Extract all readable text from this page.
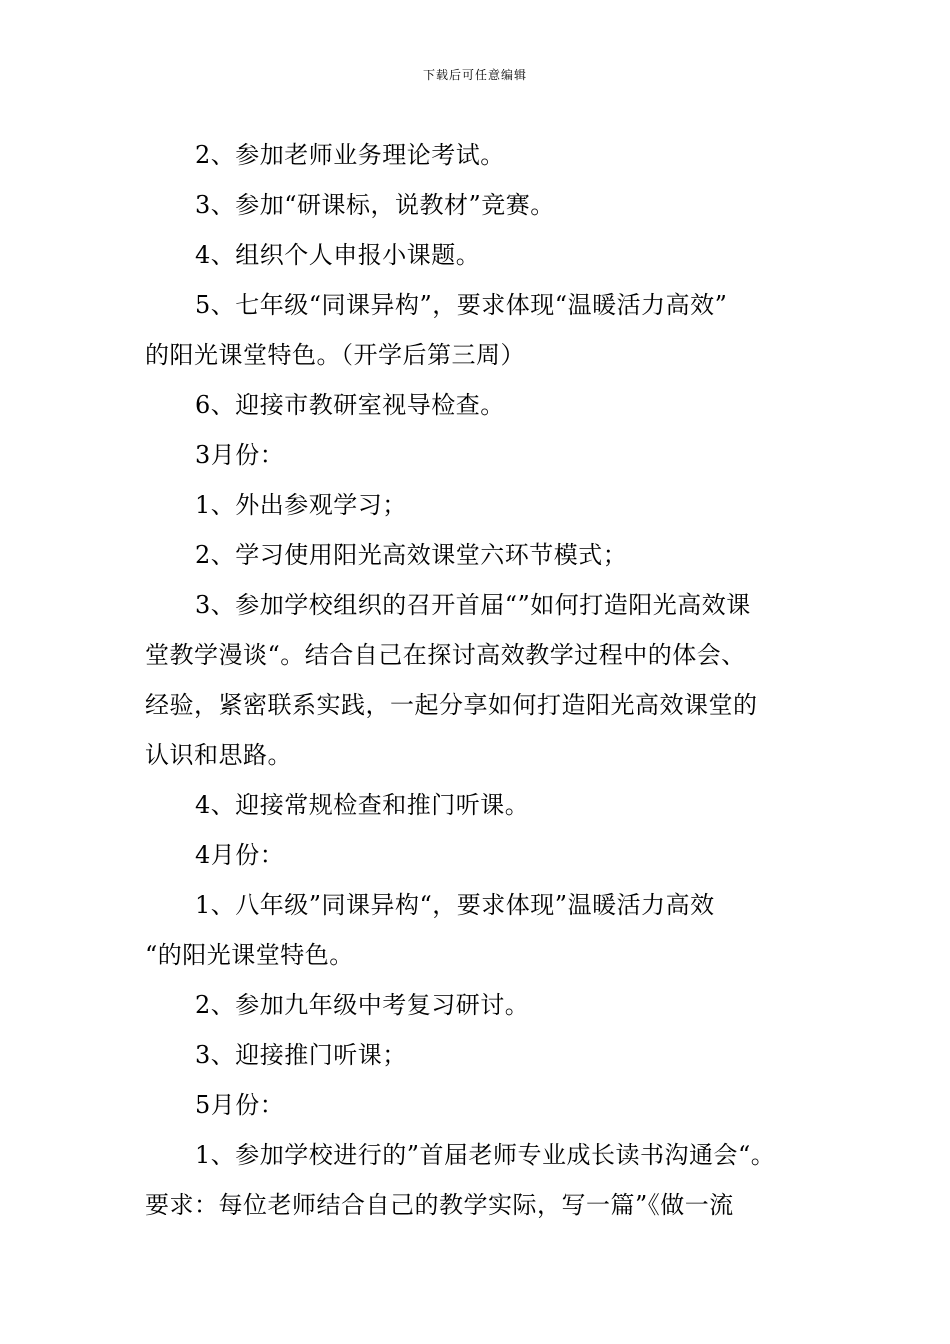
下载后可任意编辑
2、参加老师业务理论考试。
3、参加“研课标，说教材”竞赛。
4、组织个人申报小课题。
5、七年级“同课异构”，要求体现“温暖活力高效”
的阳光课堂特色。（开学后第三周）
6、迎接市教研室视导检查。
3月份：
1、外出参观学习；
2、学习使用阳光高效课堂六环节模式；
3、参加学校组织的召开首届“”如何打造阳光高效课
堂教学漫谈“。结合自己在探讨高效教学过程中的体会、
经验，紧密联系实践，一起分享如何打造阳光高效课堂的
认识和思路。
4、迎接常规检查和推门听课。
4月份：
1、八年级”同课异构“，要求体现”温暖活力高效
“的阳光课堂特色。
2、参加九年级中考复习研讨。
3、迎接推门听课；
5月份：
1、参加学校进行的”首届老师专业成长读书沟通会“。
要求：每位老师结合自己的教学实际，写一篇”《做一流
